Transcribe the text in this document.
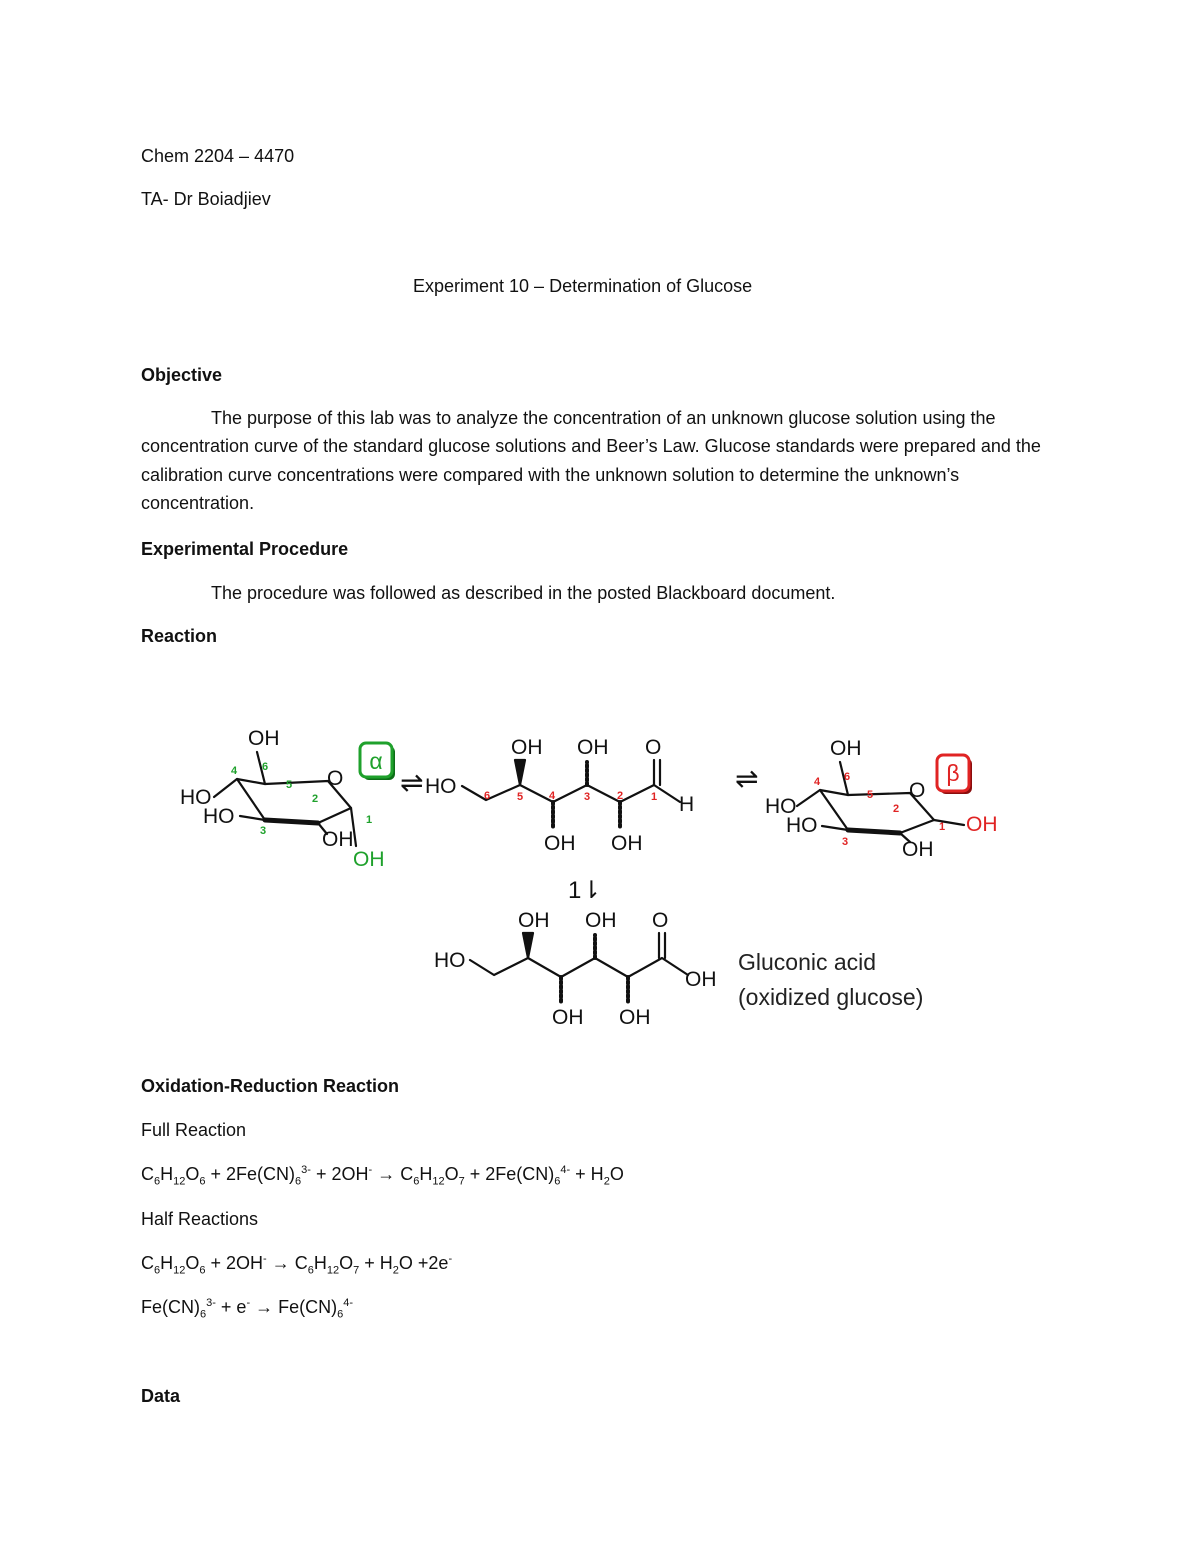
Chem 2204 – 4470
TA- Dr Boiadjiev
Experiment 10 – Determination of Glucose
Objective
The purpose of this lab was to analyze the concentration of an unknown glucose solution using the concentration curve of the standard glucose solutions and Beer’s Law. Glucose standards were prepared and the calibration curve concentrations were compared with the unknown solution to determine the unknown’s concentration.
Experimental Procedure
The procedure was followed as described in the posted Blackboard document.
Reaction
OH
HO
HO
O
OH
OH
HO
OH OH O
H
OH OH
OH
HO
HO
O
OH
OH
HO
OH OH O
OH
OH OH
4 6
5
2
3
1
6 5 4	3 2	1
4 6
5
2
3
1
α	β
⇌	⇌
1⇂
Gluconic acid
(oxidized glucose)
Oxidation-Reduction Reaction
Full Reaction
$C_6H_{12}O_6 + 2Fe(CN)_6^{3-} + 2OH^- \to C_6H_{12}O_7 + 2Fe(CN)_6^{4-} + H_2O$
Half Reactions
$C_6H_{12}O_6 + 2OH^- \to C_6H_{12}O_7 + H_2O +2e^-$
$Fe(CN)_6^{3-} + e^- \to Fe(CN)_6^{4-}$
Data
